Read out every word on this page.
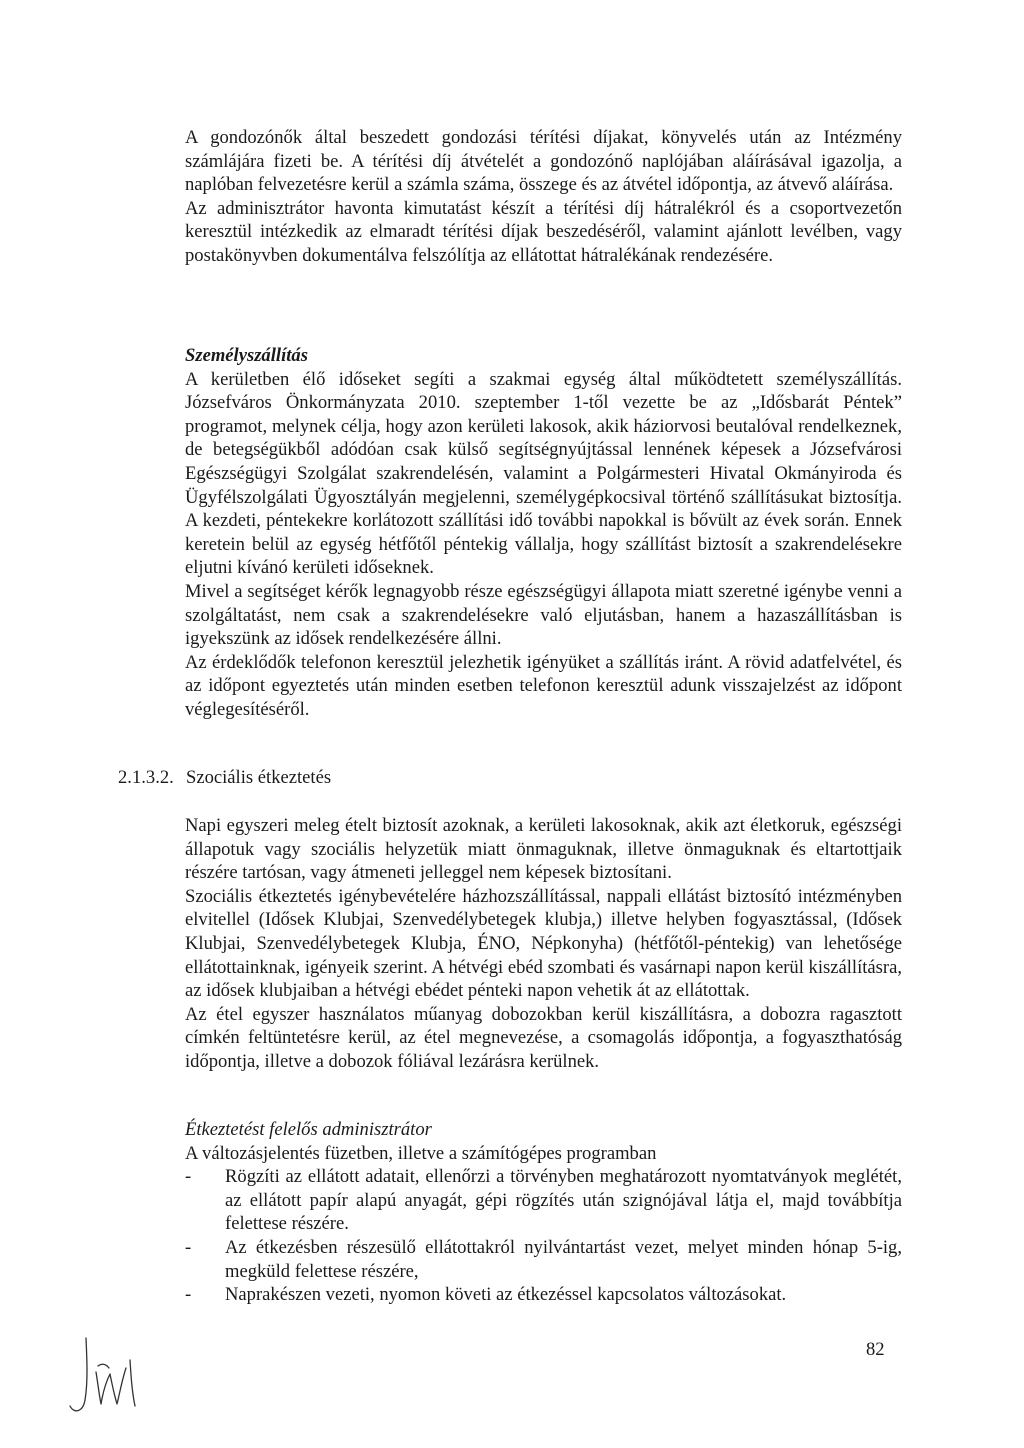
A gondozónők által beszedett gondozási térítési díjakat, könyvelés után az Intézmény számlájára fizeti be. A térítési díj átvételét a gondozónő naplójában aláírásával igazolja, a naplóban felvezetésre kerül a számla száma, összege és az átvétel időpontja, az átvevő aláírása.

Az adminisztrátor havonta kimutatást készít a térítési díj hátralékról és a csoportvezetőn keresztül intézkedik az elmaradt térítési díjak beszedéséről, valamint ajánlott levélben, vagy postakönyvben dokumentálva felszólítja az ellátottat hátralékának rendezésére.

Személyszállítás

A kerületben élő időseket segíti a szakmai egység által működtetett személyszállítás. Józsefváros Önkormányzata 2010. szeptember 1-től vezette be az „Idősbarát Péntek” programot, melynek célja, hogy azon kerületi lakosok, akik háziorvosi beutalóval rendelkeznek, de betegségükből adódóan csak külső segítségnyújtással lennének képesek a Józsefvárosi Egészségügyi Szolgálat szakrendelésén, valamint a Polgármesteri Hivatal Okmányiroda és Ügyfélszolgálati Ügyosztályán megjelenni, személygépkocsival történő szállításukat biztosítja. A kezdeti, péntekekre korlátozott szállítási idő további napokkal is bővült az évek során. Ennek keretein belül az egység hétfőtől péntekig vállalja, hogy szállítást biztosít a szakrendelésekre eljutni kívánó kerületi időseknek.

Mivel a segítséget kérők legnagyobb része egészségügyi állapota miatt szeretné igénybe venni a szolgáltatást, nem csak a szakrendelésekre való eljutásban, hanem a hazaszállításban is igyekszünk az idősek rendelkezésére állni.

Az érdeklődők telefonon keresztül jelezhetik igényüket a szállítás iránt. A rövid adatfelvétel, és az időpont egyeztetés után minden esetben telefonon keresztül adunk visszajelzést az időpont véglegesítéséről.

2.1.3.2. Szociális étkeztetés

Napi egyszeri meleg ételt biztosít azoknak, a kerületi lakosoknak, akik azt életkoruk, egészségi állapotuk vagy szociális helyzetük miatt önmaguknak, illetve önmaguknak és eltartottjaik részére tartósan, vagy átmeneti jelleggel nem képesek biztosítani.

Szociális étkeztetés igénybevételére házhozszállítással, nappali ellátást biztosító intézményben elvitellel (Idősek Klubjai, Szenvedélybetegek klubja,) illetve helyben fogyasztással, (Idősek Klubjai, Szenvedélybetegek Klubja, ÉNO, Népkonyha) (hétfőtől-péntekig) van lehetősége ellátottainknak, igényeik szerint. A hétvégi ebéd szombati és vasárnapi napon kerül kiszállításra, az idősek klubjaiban a hétvégi ebédet pénteki napon vehetik át az ellátottak.

Az étel egyszer használatos műanyag dobozokban kerül kiszállításra, a dobozra ragasztott címkén feltüntetésre kerül, az étel megnevezése, a csomagolás időpontja, a fogyaszthatóság időpontja, illetve a dobozok fóliával lezárásra kerülnek.

Étkeztetést felelős adminisztrátor

A változásjelentés füzetben, illetve a számítógépes programban

- Rögzíti az ellátott adatait, ellenőrzi a törvényben meghatározott nyomtatványok meglétét, az ellátott papír alapú anyagát, gépi rögzítés után szignójával látja el, majd továbbítja felettese részére.
- Az étkezésben részesülő ellátottakról nyilvántartást vezet, melyet minden hónap 5-ig, megküld felettese részére,
- Naprakészen vezeti, nyomon követi az étkezéssel kapcsolatos változásokat.
82
